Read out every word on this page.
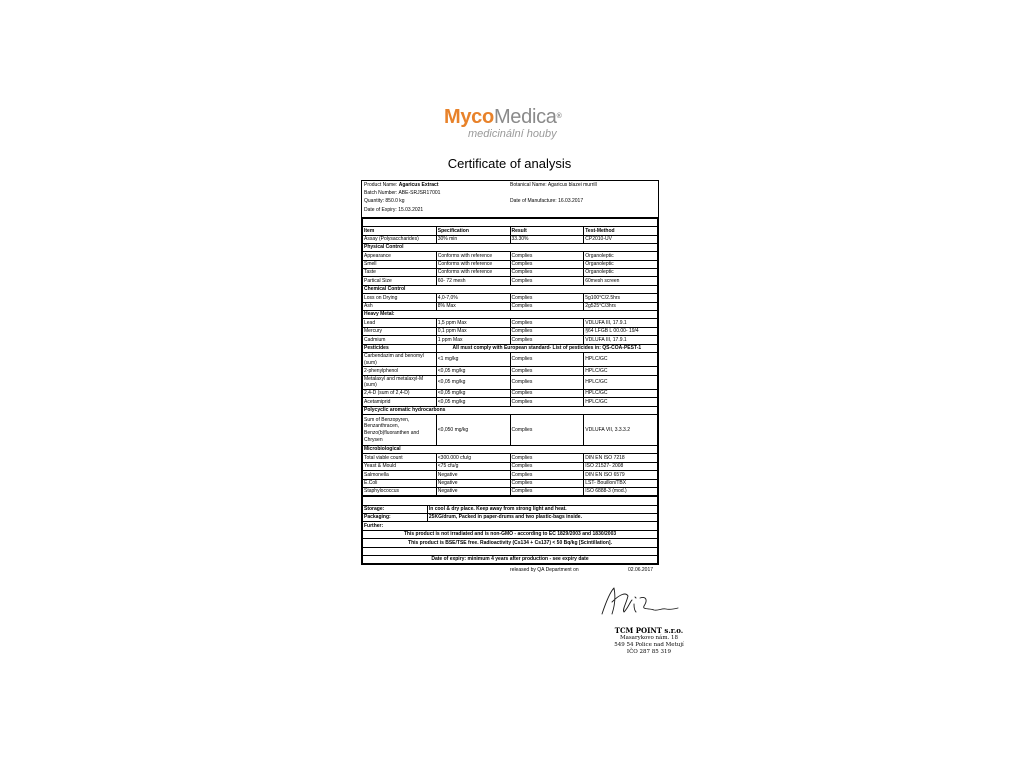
MycoMedica®
medicinální houby
Certificate of analysis
Product Name: Agaricus Extract
Batch Number: ABE-SRJSR17001
Quantity: 850.0 kg
Date of Expiry: 15.03.2021
Botanical Name: Agaricus blazei murrill
Date of Manufacture: 16.03.2017

Item	Specification	Result	Test-Method
Assay (Polysaccharides)	30% min	33.30%	CP2010-UV
Physical Control			
Appearance	Conforms with reference	Complies	Organoleptic
Smell	Conforms with reference	Complies	Organoleptic
Taste	Conforms with reference	Complies	Organoleptic
Partical Size	60- 72 mesh	Complies	60mesh screen
Chemical Control			
Loss on Drying	4,0-7,0%	Complies	5g100°C/2.5hrs
Ash	8% Max	Complies	2g525°C/3hrs
Heavy Metal:			
Lead	1,5 ppm Max	Complies	VDLUFA III, 17.9.1
Mercury	0,1 ppm Max	Complies	§64 LFGB L 00.00- 19/4
Cadmium	1 ppm Max	Complies	VDLUFA III, 17.9.1
Pesticides	All must comply with European standard- List of pesticides in: QS-COA-PEST-1		
Carbendazim and benomyl (sum)	<1 mg/kg	Complies	HPLC/GC
2-phenylphenol	<0,05 mg/kg	Complies	HPLC/GC
Metalaxyl and metalaxyl-M (sum)	<0,05 mg/kg	Complies	HPLC/GC
2,4-D (sum of 2,4-D)	<0,05 mg/kg	Complies	HPLC/GC
Acetamiprid	<0,05 mg/kg	Complies	HPLC/GC
Polycyclic aromatic hydrocarbons			
Sum of Benzopyren, Benzanthracen, Benzo(b)fluoranthen and Chrysen	<0,050 mg/kg	Complies	VDLUFA VII, 3.3.3.2
Microbiological			
Total viable count	<300.000 cfu/g	Complies	DIN EN ISO 7218
Yeast & Mould	<75 cfu/g	Complies	ISO 21527- 2008
Salmonella	Negative	Complies	DIN EN ISO 6579
E.Coli	Negative	Complies	LST- Bouillon/TBX
Staphylococcus	Negative	Complies	ISO 6888-3 (mod.)

Storage:	In cool & dry place. Keep away from strong light and heat.
Packaging:	25KG/drum, Packed in paper-drums and two plastic-bags inside.
Further:	
This product is not irradiated and is non-GMO - according to EC 1829/2003 and 1830/2003	
This product is BSE/TSE free. Radioactivity (Cs134 + Cs137) < 50 Bq/kg [Scintillation].	

Date of expiry: minimum 4 years after production - see expiry date	
released by QA Department on	02.06.2017
TCM POINT s.r.o.
Masarykovo nám. 18
549 54 Police nad Metují
IČO 287 85 319
